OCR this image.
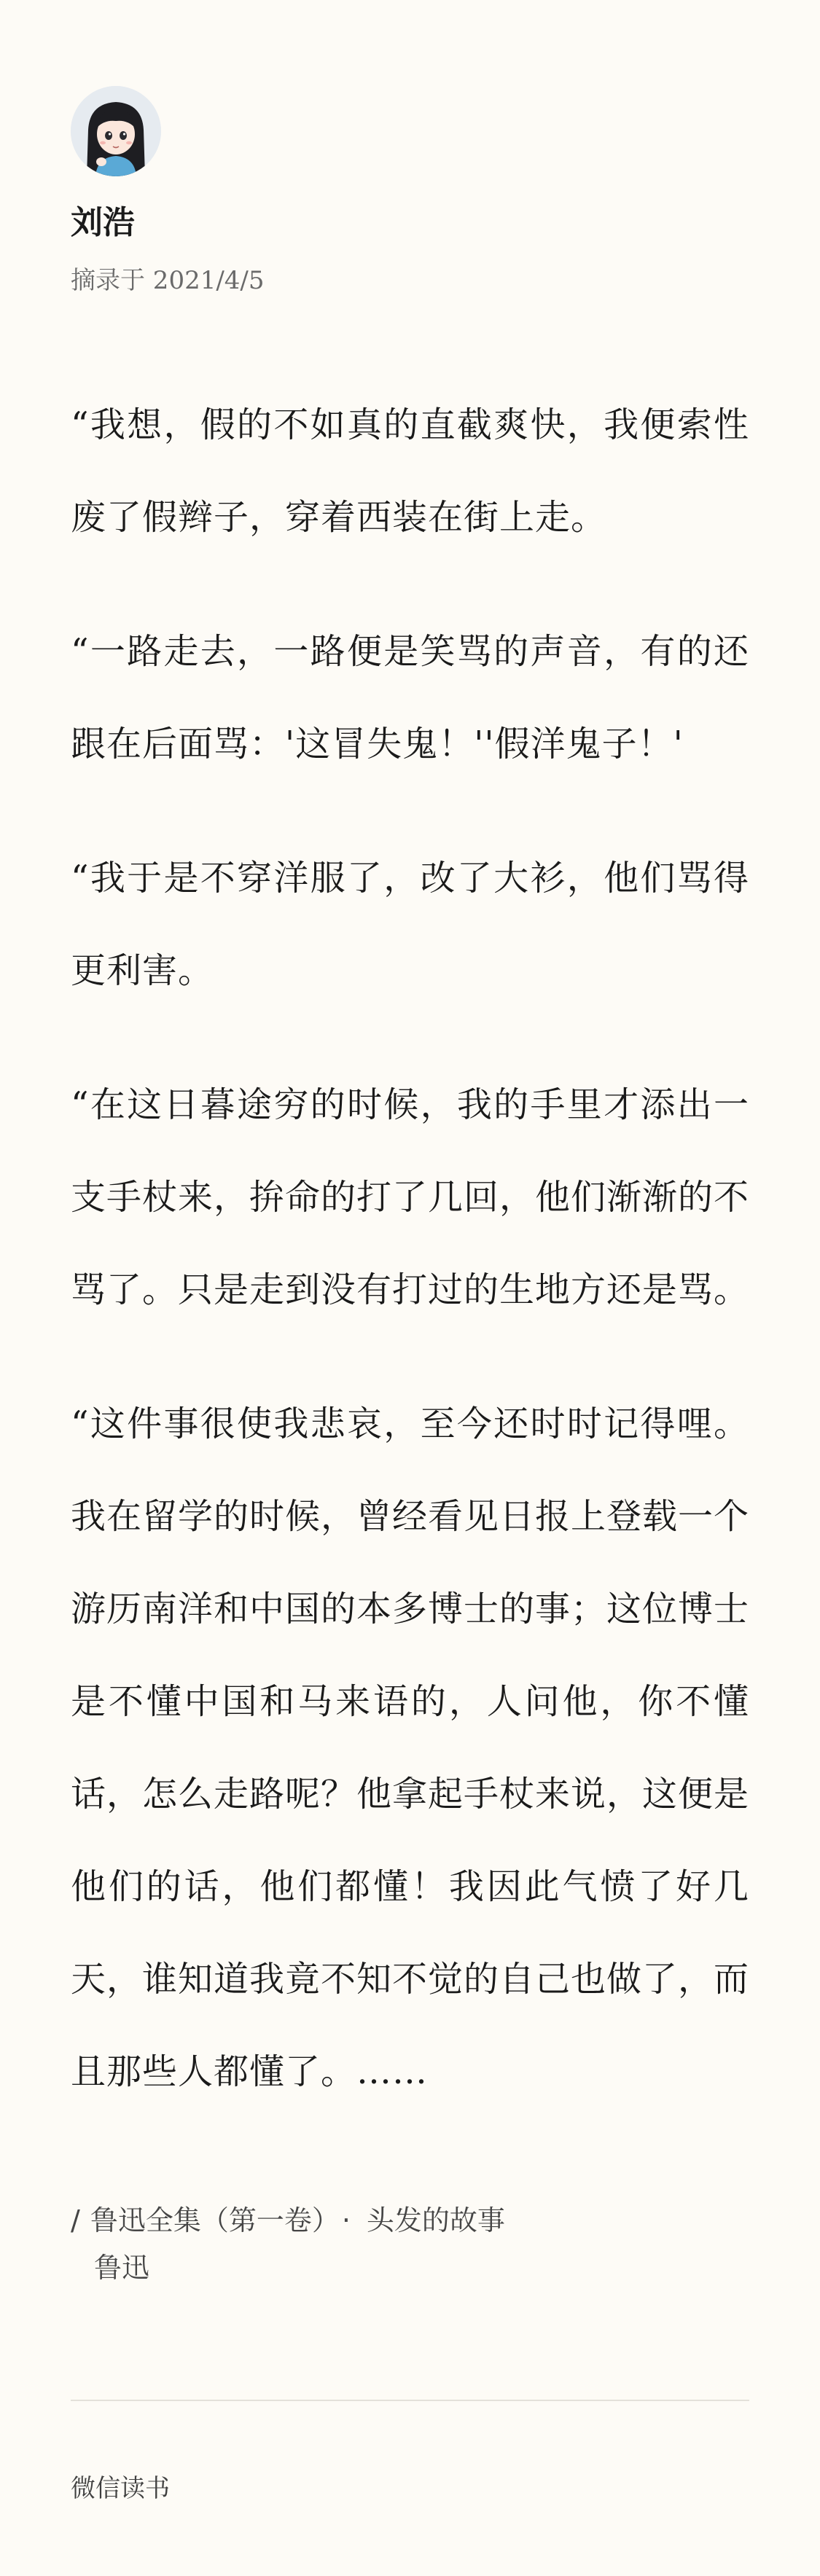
刘浩
摘录于 2021/4/5

“我想，假的不如真的直截爽快，我便索性废了假辫子，穿着西装在街上走。

“一路走去，一路便是笑骂的声音，有的还跟在后面骂：'这冒失鬼！''假洋鬼子！'

“我于是不穿洋服了，改了大衫，他们骂得更利害。

“在这日暮途穷的时候，我的手里才添出一支手杖来，拚命的打了几回，他们渐渐的不骂了。只是走到没有打过的生地方还是骂。

“这件事很使我悲哀，至今还时时记得哩。我在留学的时候，曾经看见日报上登载一个游历南洋和中国的本多博士的事；这位博士是不懂中国和马来语的，人问他，你不懂话，怎么走路呢？他拿起手杖来说，这便是他们的话，他们都懂！我因此气愤了好几天，谁知道我竟不知不觉的自己也做了，而且那些人都懂了。……

/ 鲁迅全集（第一卷） · 头发的故事
鲁迅
微信读书
